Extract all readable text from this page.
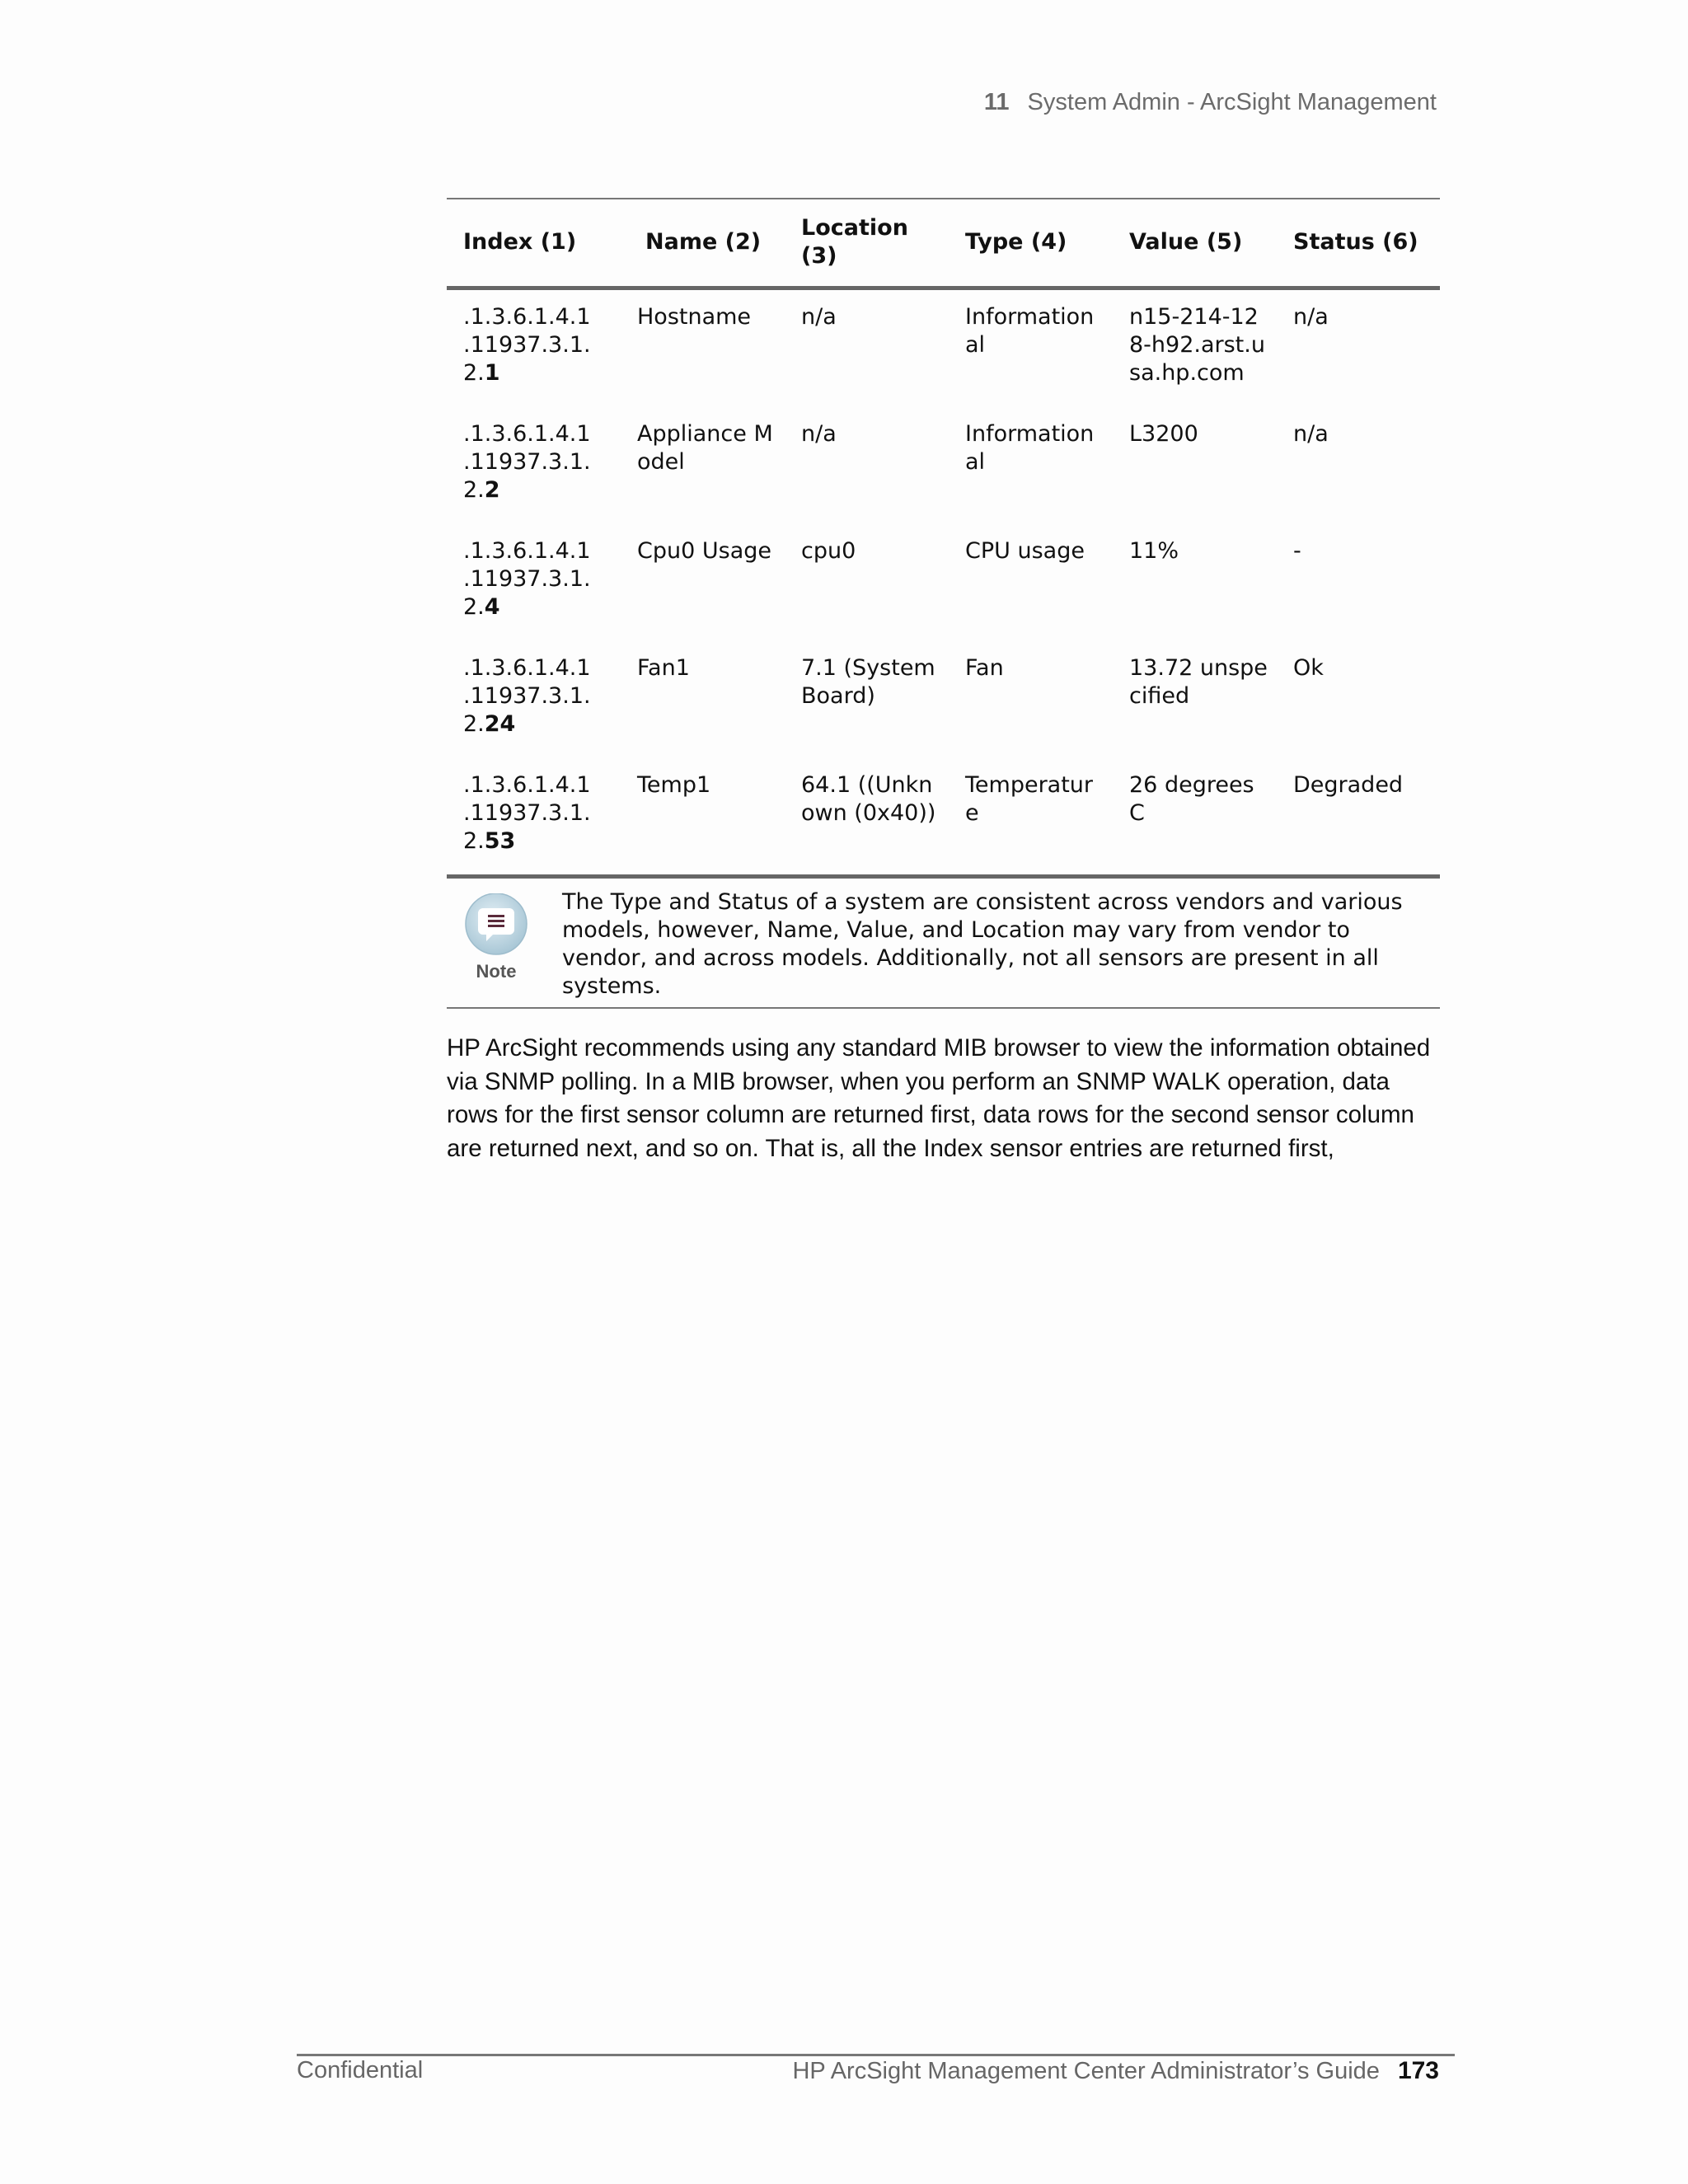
11 System Admin - ArcSight Management
Index (1)	Name (2)	Location (3)	Type (4)	Value (5)	Status (6)

.1.3.6.1.4.1
.11937.3.1.
2.1	Hostname	n/a	Informational	n15-214-128-h92.arst.usa.hp.com	n/a

.1.3.6.1.4.1
.11937.3.1.
2.2	Appliance Model	n/a	Informational	L3200	n/a

.1.3.6.1.4.1
.11937.3.1.
2.4	Cpu0 Usage	cpu0	CPU usage	11%	-

.1.3.6.1.4.1
.11937.3.1.
2.24	Fan1	7.1 (System Board)	Fan	13.72 unspecified	Ok

.1.3.6.1.4.1
.11937.3.1.
2.53	Temp1	64.1 ((Unknown (0x40))	Temperature	26 degrees C	Degraded
Note
The Type and Status of a system are consistent across vendors and various models, however, Name, Value, and Location may vary from vendor to vendor, and across models. Additionally, not all sensors are present in all systems.
HP ArcSight recommends using any standard MIB browser to view the information obtained via SNMP polling. In a MIB browser, when you perform an SNMP WALK operation, data rows for the first sensor column are returned first, data rows for the second sensor column are returned next, and so on. That is, all the Index sensor entries are returned first,
Confidential	HP ArcSight Management Center Administrator’s Guide 173
